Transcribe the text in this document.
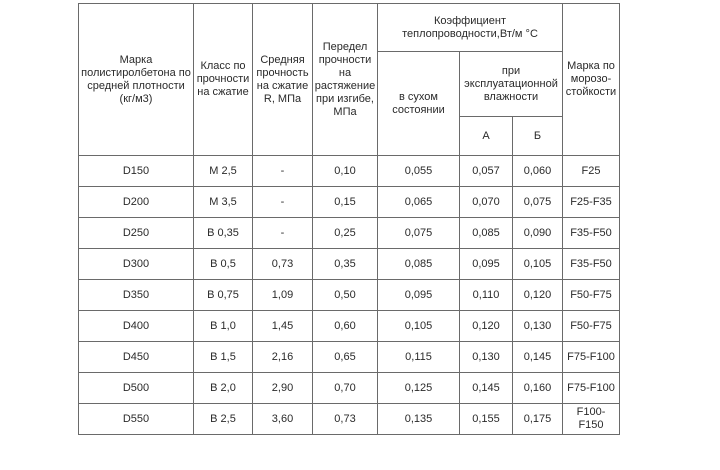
Марка полистиролбетона по средней плотности (кг/м3)	Класс по прочности на сжатие	Средняя прочность на сжатие R, МПа	Передел прочности на растяжение при изгибе, МПа	Коэффициент теплопроводности,Вт/м °С			Марка по морозо-стойкости
				в сухом состоянии	при эксплуатационной влажности		
					А	Б	
D150	М 2,5	-	0,10	0,055	0,057	0,060	F25
D200	М 3,5	-	0,15	0,065	0,070	0,075	F25-F35
D250	В 0,35	-	0,25	0,075	0,085	0,090	F35-F50
D300	В 0,5	0,73	0,35	0,085	0,095	0,105	F35-F50
D350	В 0,75	1,09	0,50	0,095	0,110	0,120	F50-F75
D400	В 1,0	1,45	0,60	0,105	0,120	0,130	F50-F75
D450	В 1,5	2,16	0,65	0,115	0,130	0,145	F75-F100
D500	В 2,0	2,90	0,70	0,125	0,145	0,160	F75-F100
D550	В 2,5	3,60	0,73	0,135	0,155	0,175	F100-F150
